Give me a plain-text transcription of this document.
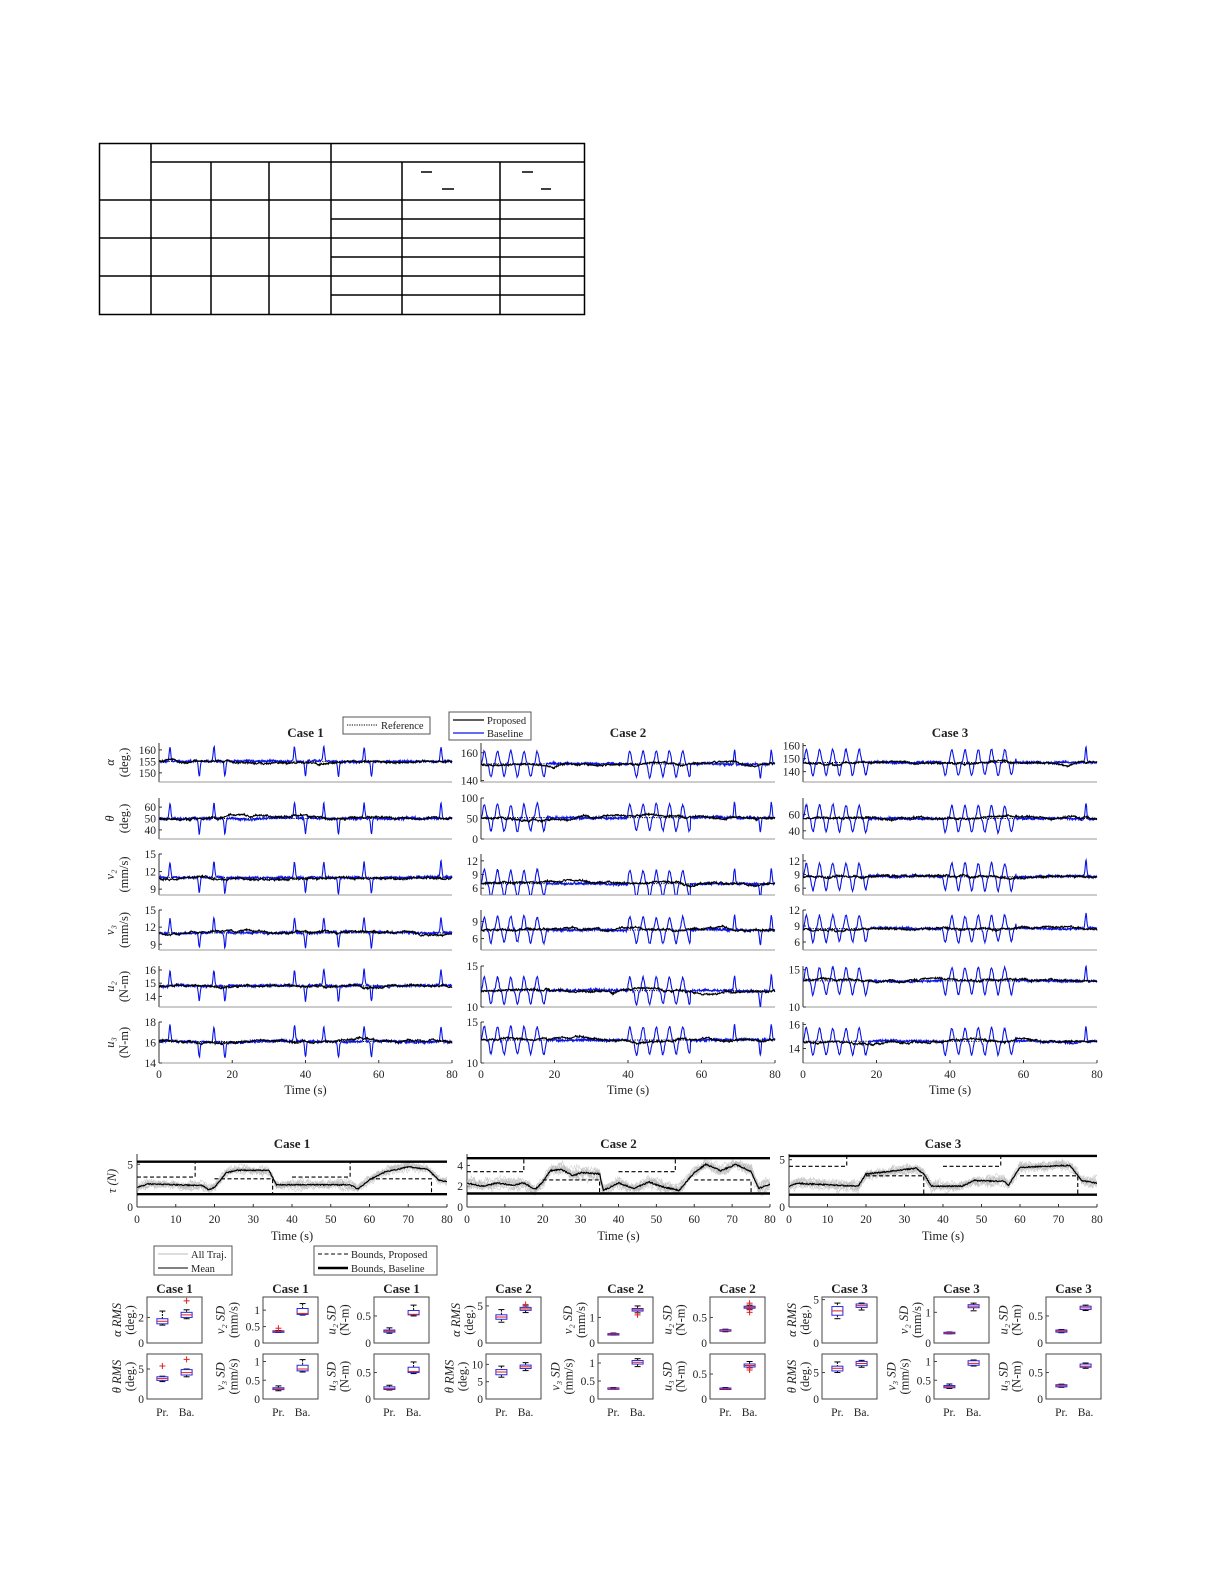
Case 1
150
155
160
α (deg.)
40
50
60
θ (deg.)
9
12
15
v₂ (mm/s)
9
12
15
v₃ (mm/s)
14
15
16
u₂ (N-m)
14
16
18
0	20	40	60	80
Time (s)
u₃ (N-m)
Case 2
140
160
0
50
100
6
9
12
6
9
10
15
10
15
0	20	40	60	80
Time (s)
Case 3
140
150
160
40
60
6
9
12
6
9
12
10
15
14
16
0	20	40	60	80
Time (s)
Reference	Proposed
Baseline
Case 1
0
5
0	10 20 30 40 50 60 70 80
Time (s)
Case 2
0
2
4
0	10 20 30 40 50 60 70 80
Time (s)
Case 3
0
5
0	10 20 30 40 50 60 70 80
Time (s)
τ (N)
All Traj.
Mean
Bounds, Proposed
Bounds, Baseline
Case 1
0
2
α RMS (deg.)
Case 1
0
0.5
1
v₂ SD (mm/s)
Case 1
0
0.5
u₂ SD (N-m)
Case 2
0
5
α RMS (deg.)
Case 2
0
1
v₂ SD (mm/s)
Case 2
0
0.5
u₂ SD (N-m)
Case 3
0
5
α RMS (deg.)
Case 3
0
1
v₂ SD (mm/s)
Case 3
0
0.5
u₂ SD (N-m)
0
5
θ RMS (deg.)
Pr. Ba.
0
0.5
1
v₃ SD (mm/s)
Pr. Ba.
0
0.5
u₃ SD (N-m)
Pr. Ba.
0
5
10
θ RMS (deg.)
Pr. Ba.
0
0.5
1
v₃ SD (mm/s)
Pr. Ba.
0
0.5
u₃ SD (N-m)
Pr. Ba.
0
5
θ RMS (deg.)
Pr. Ba.
0
0.5
1
v₃ SD (mm/s)
Pr. Ba.
0
0.5
u₃ SD (N-m)
Pr. Ba.
